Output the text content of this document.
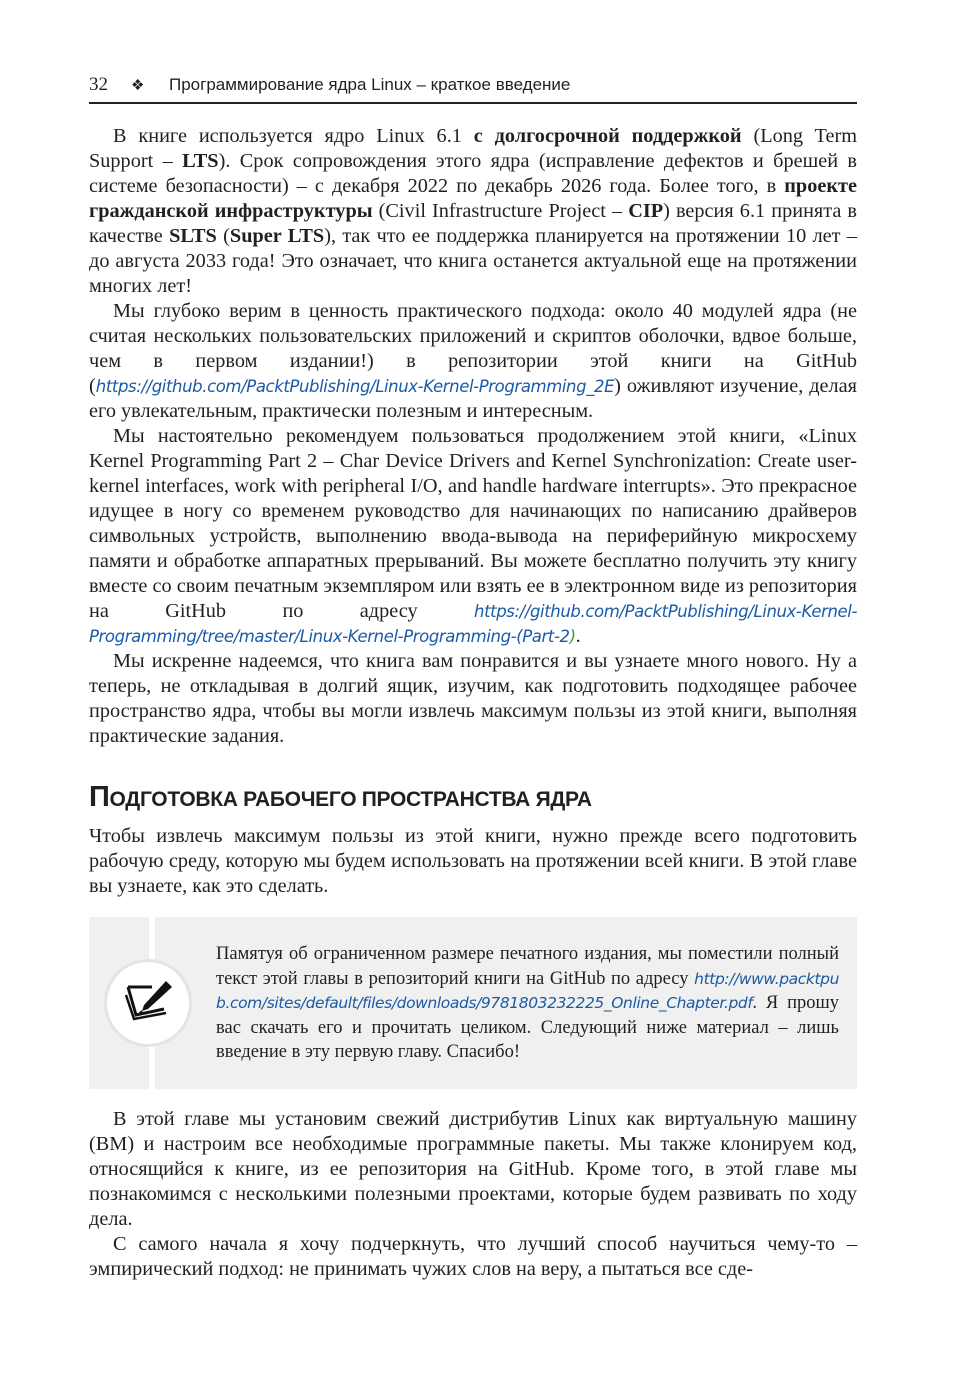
32	❖	Программирование ядра Linux – краткое введение

В книге используется ядро Linux 6.1 с долгосрочной поддержкой (Long Term Support – LTS). Срок сопровождения этого ядра (исправление дефектов и брешей в системе безопасности) – с декабря 2022 по декабрь 2026 года. Более того, в проекте гражданской инфраструктуры (Civil Infrastructure Project – CIP) версия 6.1 принята в качестве SLTS (Super LTS), так что ее поддержка планируется на протяжении 10 лет – до августа 2033 года! Это означает, что книга останется актуальной еще на протяжении многих лет!

Мы глубоко верим в ценность практического подхода: около 40 модулей ядра (не считая нескольких пользовательских приложений и скриптов оболочки, вдвое больше, чем в первом издании!) в репозитории этой книги на GitHub (https://github.com/PacktPublishing/Linux-Kernel-Programming_2E) оживляют изучение, делая его увлекательным, практически полезным и интересным.

Мы настоятельно рекомендуем пользоваться продолжением этой книги, «Linux Kernel Programming Part 2 – Char Device Drivers and Kernel Synchronization: Create user-kernel interfaces, work with peripheral I/O, and handle hardware interrupts». Это прекрасное идущее в ногу со временем руководство для начинающих по написанию драйверов символьных устройств, выполнению ввода-вывода на периферийную микросхему памяти и обработке аппаратных прерываний. Вы можете бесплатно получить эту книгу вместе со своим печатным экземпляром или взять ее в электронном виде из репозитория на GitHub по адресу https://github.com/PacktPublishing/Linux-Kernel-Programming/tree/master/Linux-Kernel-Programming-(Part-2).

Мы искренне надеемся, что книга вам понравится и вы узнаете много нового. Ну а теперь, не откладывая в долгий ящик, изучим, как подготовить подходящее рабочее пространство ядра, чтобы вы могли извлечь максимум пользы из этой книги, выполняя практические задания.

ПОДГОТОВКА РАБОЧЕГО ПРОСТРАНСТВА ЯДРА

Чтобы извлечь максимум пользы из этой книги, нужно прежде всего подготовить рабочую среду, которую мы будем использовать на протяжении всей книги. В этой главе вы узнаете, как это сделать.

Памятуя об ограниченном размере печатного издания, мы поместили полный текст этой главы в репозиторий книги на GitHub по адресу http://www.packtpub.com/sites/default/files/downloads/9781803232225_Online_Chapter.pdf. Я прошу вас скачать его и прочитать целиком. Следующий ниже материал – лишь введение в эту первую главу. Спасибо!

В этой главе мы установим свежий дистрибутив Linux как виртуальную машину (ВМ) и настроим все необходимые программные пакеты. Мы также клонируем код, относящийся к книге, из ее репозитория на GitHub. Кроме того, в этой главе мы познакомимся с несколькими полезными проектами, которые будем развивать по ходу дела.

С самого начала я хочу подчеркнуть, что лучший способ научиться чему-то – эмпирический подход: не принимать чужих слов на веру, а пытаться все сде-
